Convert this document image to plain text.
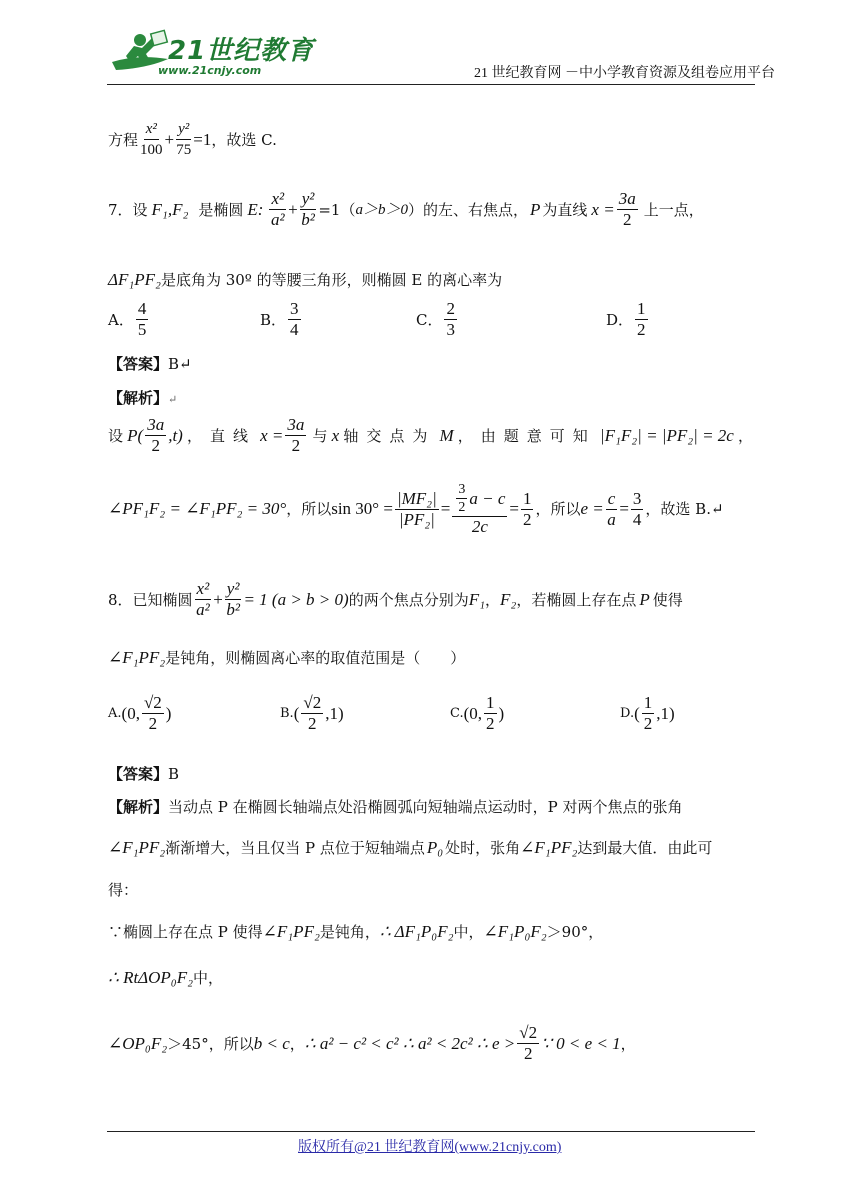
21世纪教育
www.21cnjy.com	21 世纪教育网 －中小学教育资源及组卷应用平台
方程 $\frac{\text{x²}}{100} + \frac{\text{y²}}{75} =1$ ，故选 C.
7．设 F₁,F₂ 是椭圆 E: $\frac{\text{x²}}{\text{a²}} + \frac{\text{y²}}{\text{b²}} =1$（ a＞b＞0 ）的左、右焦点， P 为直线 $x = \frac{3a}{2}$ 上一点，
ΔF₁PF₂ 是底角为 30º 的等腰三角形，则椭圆 E 的离心率为
A． $\frac{4}{5}$	B． $\frac{3}{4}$	C． $\frac{2}{3}$	D． $\frac{1}{2}$
【答案】B↵
【解析】↵
设 $P( \frac{3a}{2} ,t)$ ，直线 $x = \frac{3a}{2}$ 与 x 轴交点为 M ，由题意可知 |F₁F₂| = |PF₂| = 2c ，
∠PF₁F₂ = ∠F₁PF₂ = 30° ，所以 $\sin 30^\circ = \frac{\text{|MF₂|}}{\text{|PF₂|}} = \frac{\frac{3}{2} a - c}{2c} = \frac{1}{2}$ ，所以 $e = \frac{c}{a} = \frac{3}{4}$ ，故选 B.↵
8．已知椭圆 $\frac{\text{x²}}{\text{a²}} + \frac{\text{y²}}{\text{b²}} = 1$ (a > b > 0) 的两个焦点分别为 F₁ ， F₂ ，若椭圆上存在点 P 使得
∠F₁PF₂ 是钝角，则椭圆离心率的取值范围是（　　）
A. (0, $\frac{√2}{2}$ )	B. ( $\frac{√2}{2} ,1$)	C. (0, $\frac{1}{2}$ )	D. ( $\frac{1}{2} ,1$)
【答案】B
【解析】当动点 P 在椭圆长轴端点处沿椭圆弧向短轴端点运动时，P 对两个焦点的张角
∠F₁PF₂ 渐渐增大，当且仅当 P 点位于短轴端点 P₀ 处时，张角 ∠F₁PF₂ 达到最大值．由此可
得：
∵椭圆上存在点 P 使得 ∠F₁PF₂ 是钝角， ∴ ΔF₁P₀F₂ 中， ∠F₁P₀F₂ ＞90°，
∴ RtΔOP₀F₂ 中，
∠OP₀F₂ ＞45°，所以 b < c ， ∴ a² − c² < c² ∴ a² < 2c² ∴ $e > \frac{√2}{2}$ ∵ 0 < e < 1 ，
版权所有@21 世纪教育网(www.21cnjy.com)
